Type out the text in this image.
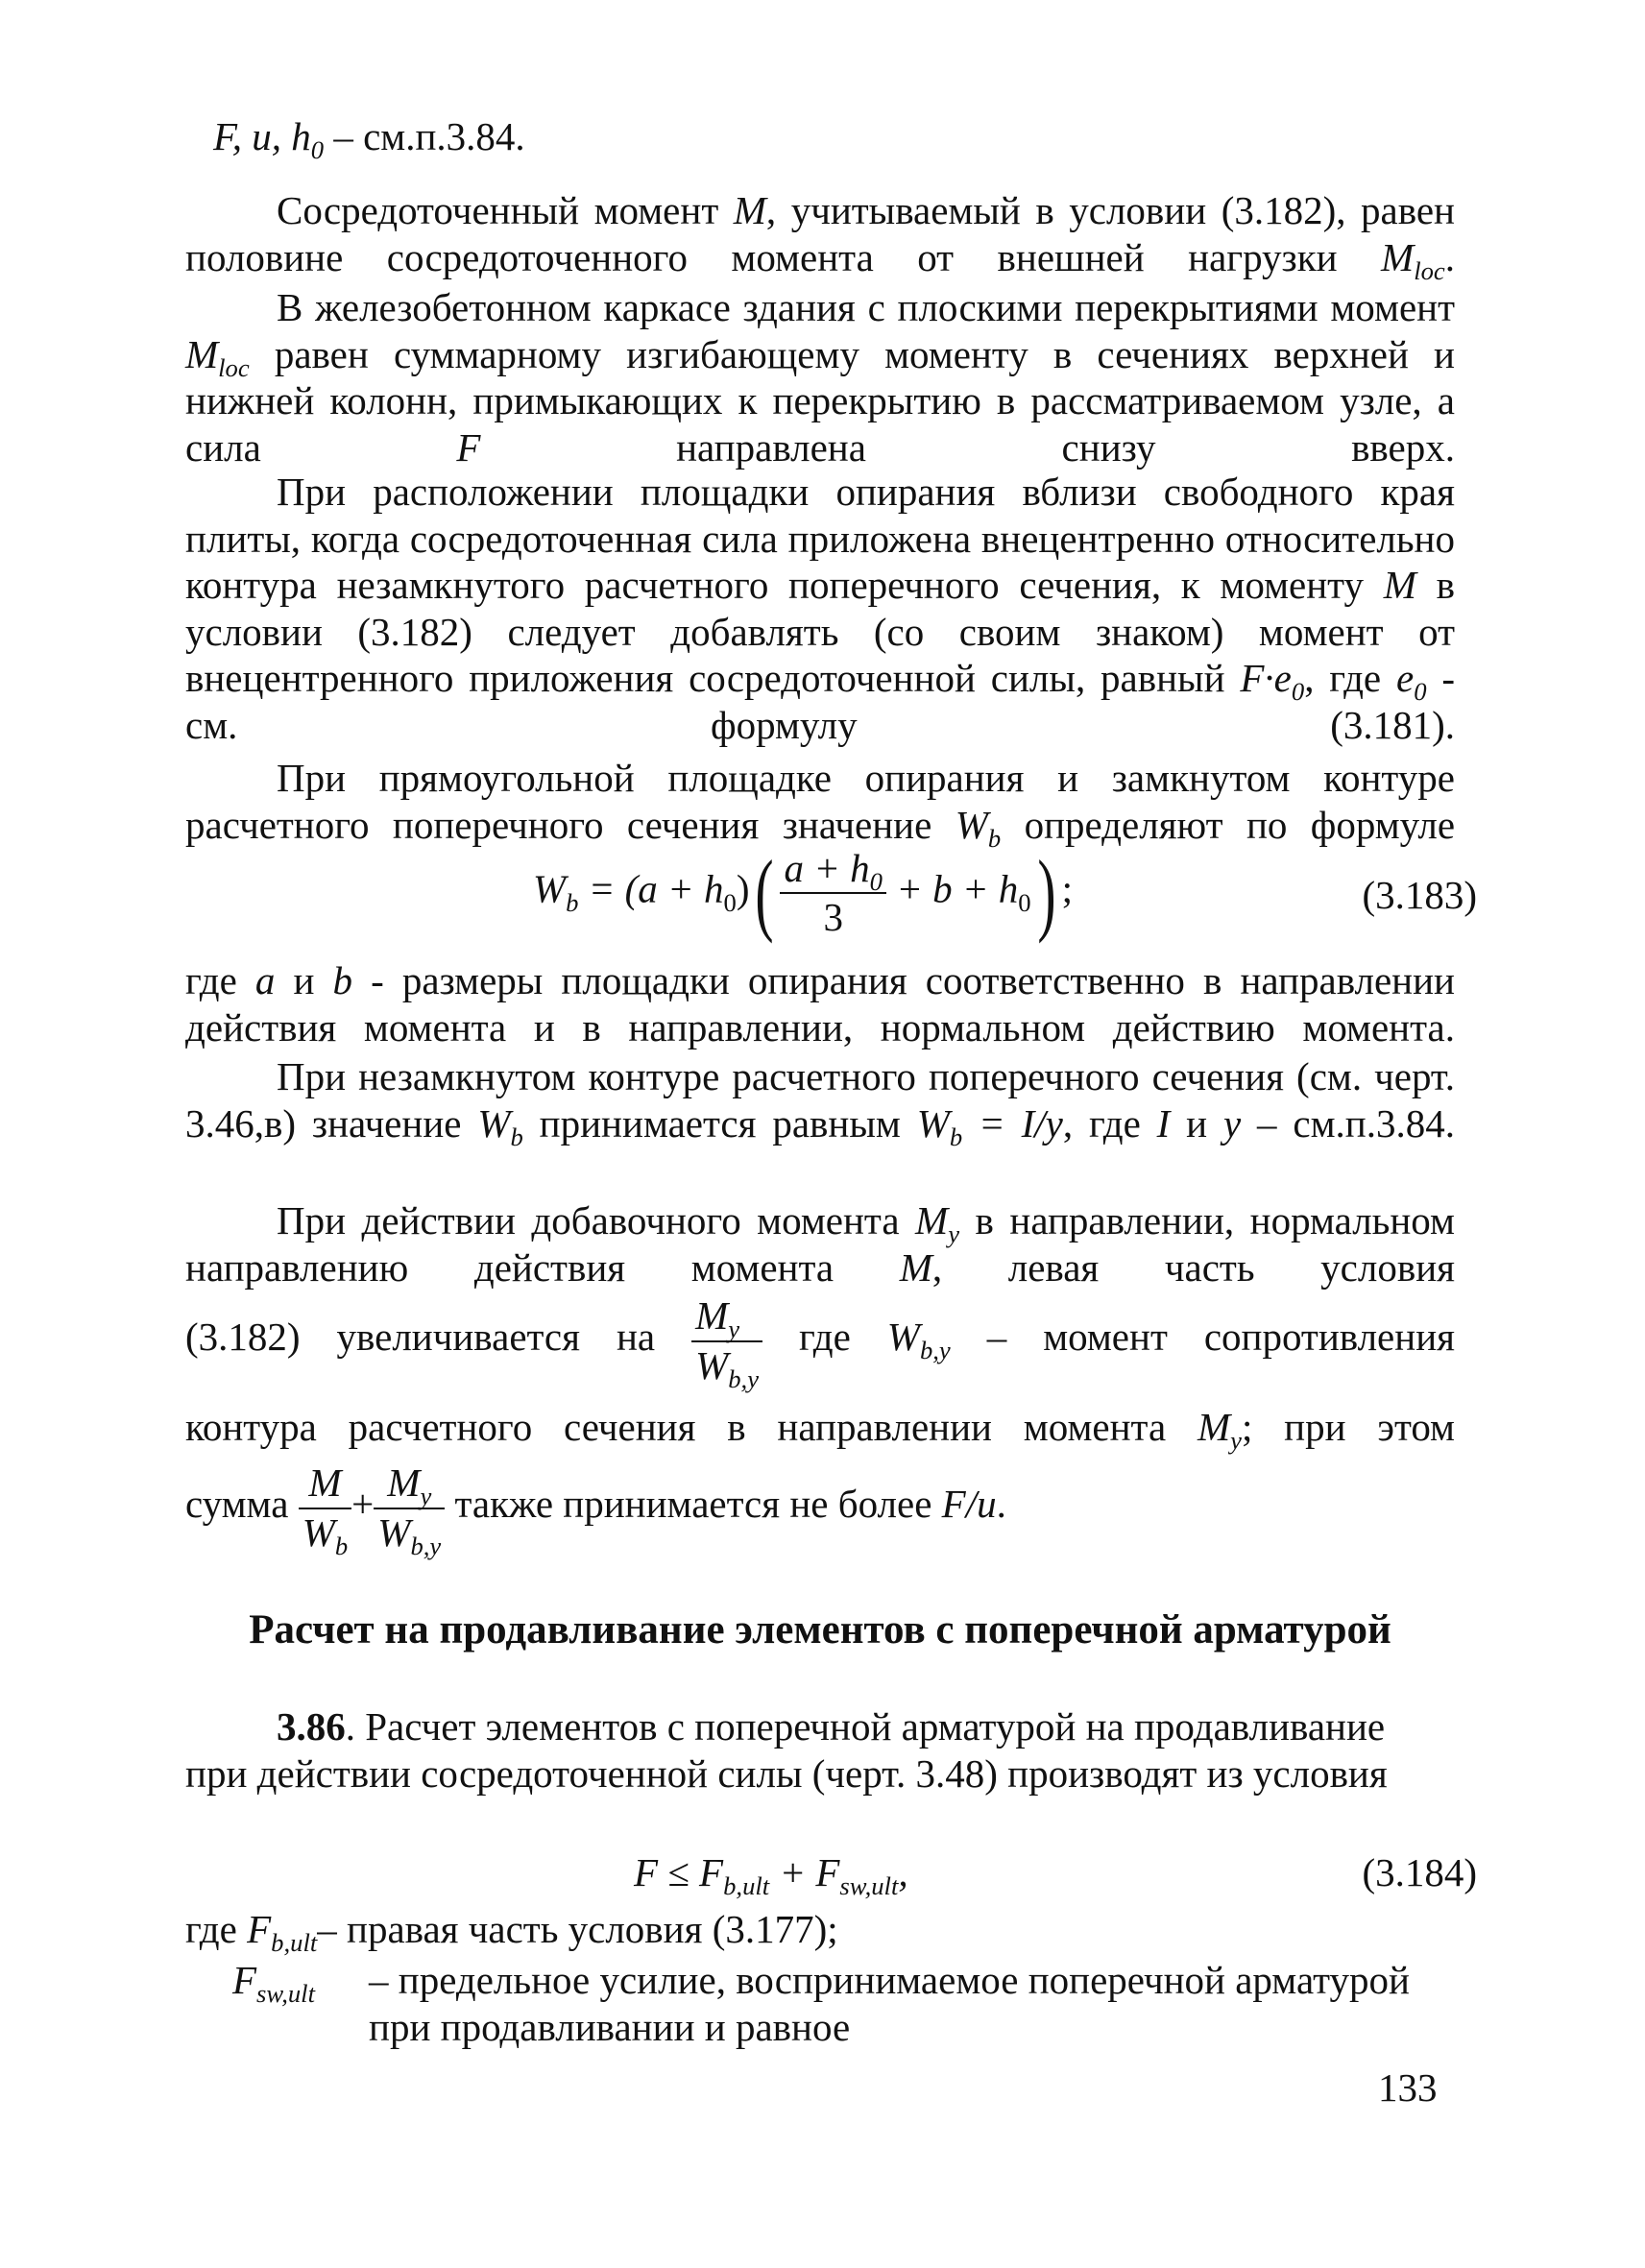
F, u, $h_0 - см.п.3.84$.
Сосредоточенный момент M, учитываемый в условии (3.182), равен половине сосредоточенного момента от внешней нагрузки $M_{loc}$.
В железобетонном каркасе здания с плоскими перекрытиями момент $M_{loc}$ равен суммарному изгибающему моменту в сечениях верхней и нижней колонн, примыкающих к перекрытию в рассматриваемом узле, а сила F направлена снизу вверх.
При расположении площадки опирания вблизи свободного края плиты, когда сосредоточенная сила приложена внецентренно относительно контура незамкнутого расчетного поперечного сечения, к моменту M в условии (3.182) следует добавлять (со своим знаком) момент от внецентренного приложения сосредоточенной силы, равный $F\cdot e_0$, где $e_0$ - см. формулу (3.181).
При прямоугольной площадке опирания и замкнутом контуре расчетного поперечного сечения значение $W_b$ определяют по формуле
$W_b = (a + h_0)( \frac{a + h_0}{3} + b + h_0)$ ;	(3.183)
где a и b - размеры площадки опирания соответственно в направлении действия момента и в направлении, нормальном действию момента.
При незамкнутом контуре расчетного поперечного сечения (см. черт. 3.46,в) значение $W_b$ принимается равным $W_b = I/y$, где I и y – см.п.3.84.
При действии добавочного момента $M_y$ в направлении, нормальном направлению действия момента M, левая часть условия
(3.182) увеличивается на $\frac{M_y}{W_{b,y}}$ где $W_{b,y}$ – момент сопротивления
контура расчетного сечения в направлении момента $M_y$; при этом
сумма $\frac{M}{W_b} + \frac{M_y}{W_{b,y}}$ также принимается не более F/u.
Расчет на продавливание элементов с поперечной арматурой
3.86. Расчет элементов с поперечной арматурой на продавливание при действии сосредоточенной силы (черт. 3.48) производят из условия
$F \le F_{b,ult} + F_{sw,ult}$,	(3.184)
где $F_{b,ult}-$ правая часть условия (3.177);
$F_{sw,ult}$	– предельное усилие, воспринимаемое поперечной арматурой при продавливании и равное
133
